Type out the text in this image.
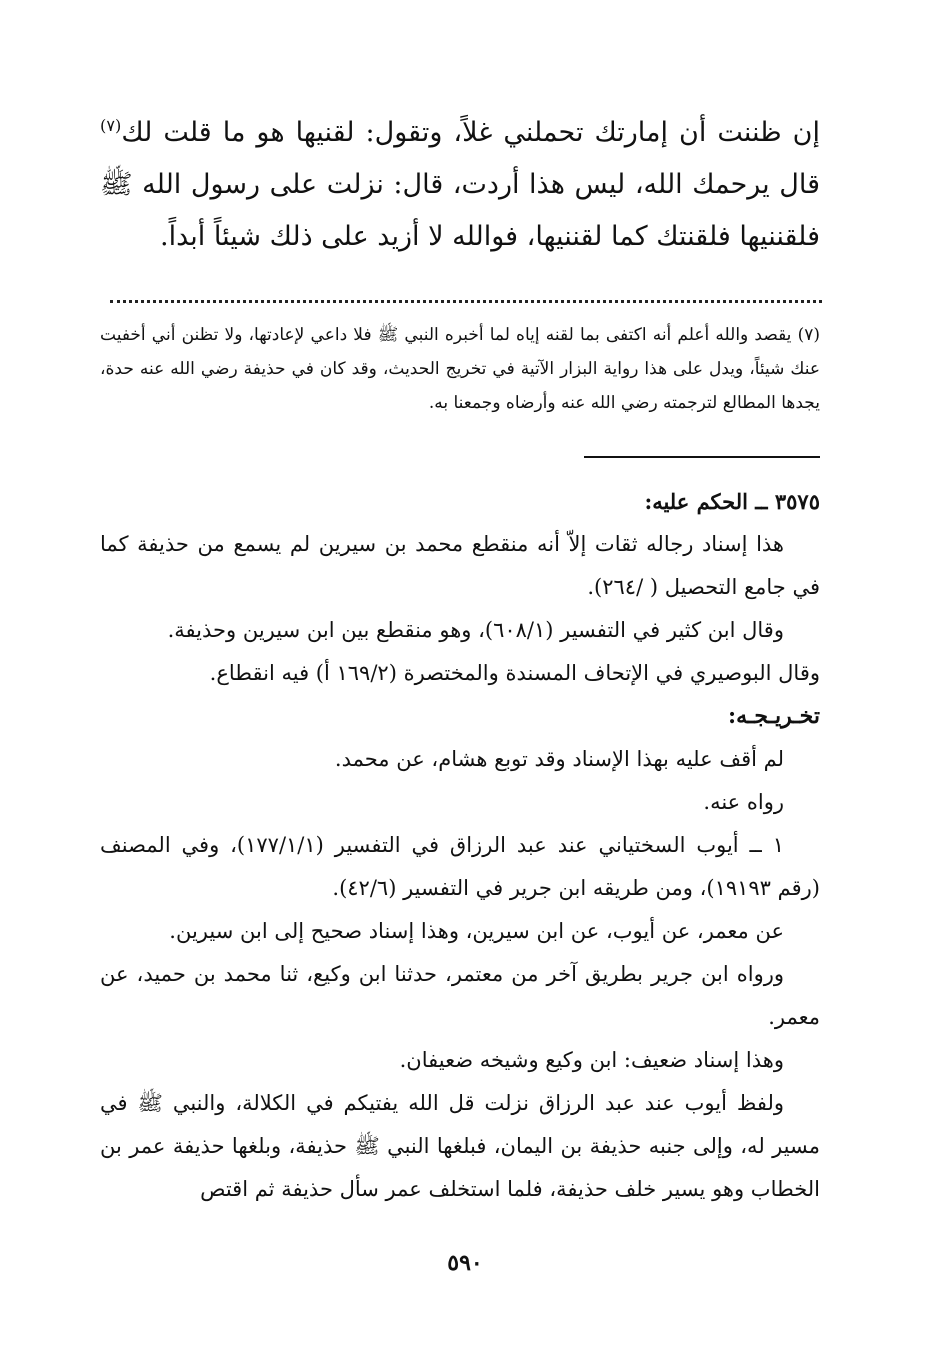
إن ظننت أن إمارتك تحملني غلاً، وتقول: لقنيها هو ما قلت لك$^{(٧)}$ قال يرحمك الله، ليس هذا أردت، قال: نزلت على رسول الله ﷺ فلقننيها فلقنتك كما لقننيها، فوالله لا أزيد على ذلك شيئاً أبداً.

(٧) يقصد والله أعلم أنه اكتفى بما لقنه إياه لما أخبره النبي ﷺ فلا داعي لإعادتها، ولا تظنن أني أخفيت عنك شيئاً، ويدل على هذا رواية البزار الآتية في تخريج الحديث، وقد كان في حذيفة رضي الله عنه حدة، يجدها المطالع لترجمته رضي الله عنه وأرضاه وجمعنا به.

٣٥٧٥ ــ الحكم عليه:

هذا إسناد رجاله ثقات إلاّ أنه منقطع محمد بن سيرين لم يسمع من حذيفة كما في جامع التحصيل ( /٢٦٤).

وقال ابن كثير في التفسير (٦٠٨/١)، وهو منقطع بين ابن سيرين وحذيفة.

وقال البوصيري في الإتحاف المسندة والمختصرة (١٦٩/٢ أ) فيه انقطاع.

تخـريـجـه:

لم أقف عليه بهذا الإسناد وقد توبع هشام، عن محمد.

رواه عنه.

١ ــ أيوب السختياني عند عبد الرزاق في التفسير (١٧٧/١/١)، وفي المصنف (رقم ١٩١٩٣)، ومن طريقه ابن جرير في التفسير (٤٢/٦).

عن معمر، عن أيوب، عن ابن سيرين، وهذا إسناد صحيح إلى ابن سيرين.

ورواه ابن جرير بطريق آخر من معتمر، حدثنا ابن وكيع، ثنا محمد بن حميد، عن معمر.

وهذا إسناد ضعيف: ابن وكيع وشيخه ضعيفان.

ولفظ أيوب عند عبد الرزاق نزلت قل الله يفتيكم في الكلالة، والنبي ﷺ في مسير له، وإلى جنبه حذيفة بن اليمان، فبلغها النبي ﷺ حذيفة، وبلغها حذيفة عمر بن الخطاب وهو يسير خلف حذيفة، فلما استخلف عمر سأل حذيفة ثم اقتص

٥٩٠
